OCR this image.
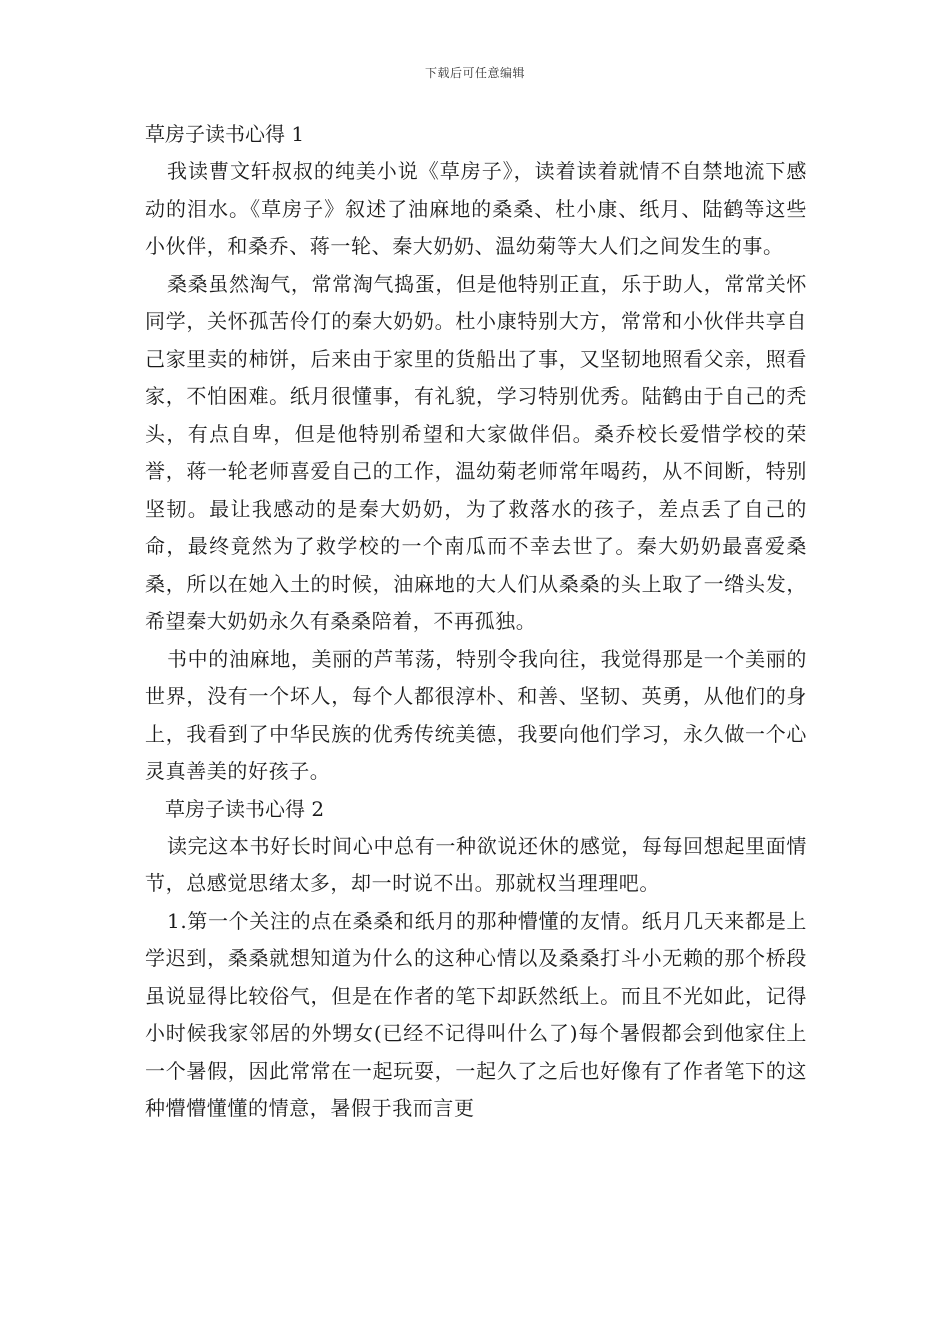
下载后可任意编辑
草房子读书心得 1

我读曹文轩叔叔的纯美小说《草房子》，读着读着就情不自禁地流下感动的泪水。《草房子》叙述了油麻地的桑桑、杜小康、纸月、陆鹤等这些小伙伴，和桑乔、蒋一轮、秦大奶奶、温幼菊等大人们之间发生的事。

桑桑虽然淘气，常常淘气捣蛋，但是他特别正直，乐于助人，常常关怀同学，关怀孤苦伶仃的秦大奶奶。杜小康特别大方，常常和小伙伴共享自己家里卖的柿饼，后来由于家里的货船出了事，又坚韧地照看父亲，照看家，不怕困难。纸月很懂事，有礼貌，学习特别优秀。陆鹤由于自己的秃头，有点自卑，但是他特别希望和大家做伴侣。桑乔校长爱惜学校的荣誉，蒋一轮老师喜爱自己的工作，温幼菊老师常年喝药，从不间断，特别坚韧。最让我感动的是秦大奶奶，为了救落水的孩子，差点丢了自己的命，最终竟然为了救学校的一个南瓜而不幸去世了。秦大奶奶最喜爱桑桑，所以在她入土的时候，油麻地的大人们从桑桑的头上取了一绺头发，希望秦大奶奶永久有桑桑陪着，不再孤独。

书中的油麻地，美丽的芦苇荡，特别令我向往，我觉得那是一个美丽的世界，没有一个坏人，每个人都很淳朴、和善、坚韧、英勇，从他们的身上，我看到了中华民族的优秀传统美德，我要向他们学习，永久做一个心灵真善美的好孩子。

草房子读书心得 2

读完这本书好长时间心中总有一种欲说还休的感觉，每每回想起里面情节，总感觉思绪太多，却一时说不出。那就权当理理吧。

1.第一个关注的点在桑桑和纸月的那种懵懂的友情。纸月几天来都是上学迟到，桑桑就想知道为什么的这种心情以及桑桑打斗小无赖的那个桥段虽说显得比较俗气，但是在作者的笔下却跃然纸上。而且不光如此，记得小时候我家邻居的外甥女(已经不记得叫什么了)每个暑假都会到他家住上一个暑假，因此常常在一起玩耍，一起久了之后也好像有了作者笔下的这种懵懵懂懂的情意，暑假于我而言更
